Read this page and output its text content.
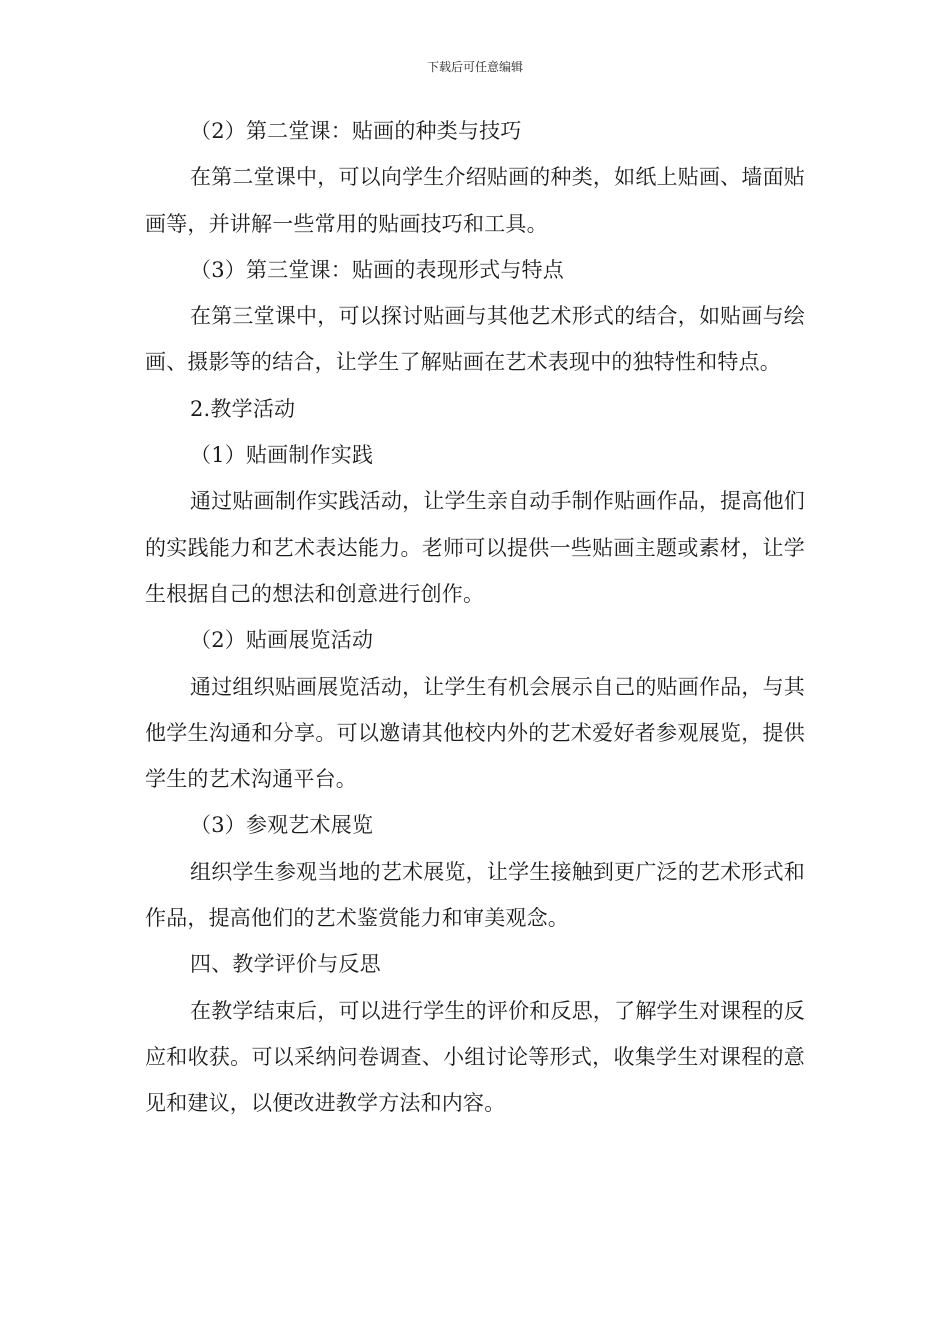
下载后可任意编辑

（2）第二堂课：贴画的种类与技巧

在第二堂课中，可以向学生介绍贴画的种类，如纸上贴画、墙面贴画等，并讲解一些常用的贴画技巧和工具。

（3）第三堂课：贴画的表现形式与特点

在第三堂课中，可以探讨贴画与其他艺术形式的结合，如贴画与绘画、摄影等的结合，让学生了解贴画在艺术表现中的独特性和特点。

2.教学活动

（1）贴画制作实践

通过贴画制作实践活动，让学生亲自动手制作贴画作品，提高他们的实践能力和艺术表达能力。老师可以提供一些贴画主题或素材，让学生根据自己的想法和创意进行创作。

（2）贴画展览活动

通过组织贴画展览活动，让学生有机会展示自己的贴画作品，与其他学生沟通和分享。可以邀请其他校内外的艺术爱好者参观展览，提供学生的艺术沟通平台。

（3）参观艺术展览

组织学生参观当地的艺术展览，让学生接触到更广泛的艺术形式和作品，提高他们的艺术鉴赏能力和审美观念。

四、教学评价与反思

在教学结束后，可以进行学生的评价和反思，了解学生对课程的反应和收获。可以采纳问卷调查、小组讨论等形式，收集学生对课程的意见和建议，以便改进教学方法和内容。
